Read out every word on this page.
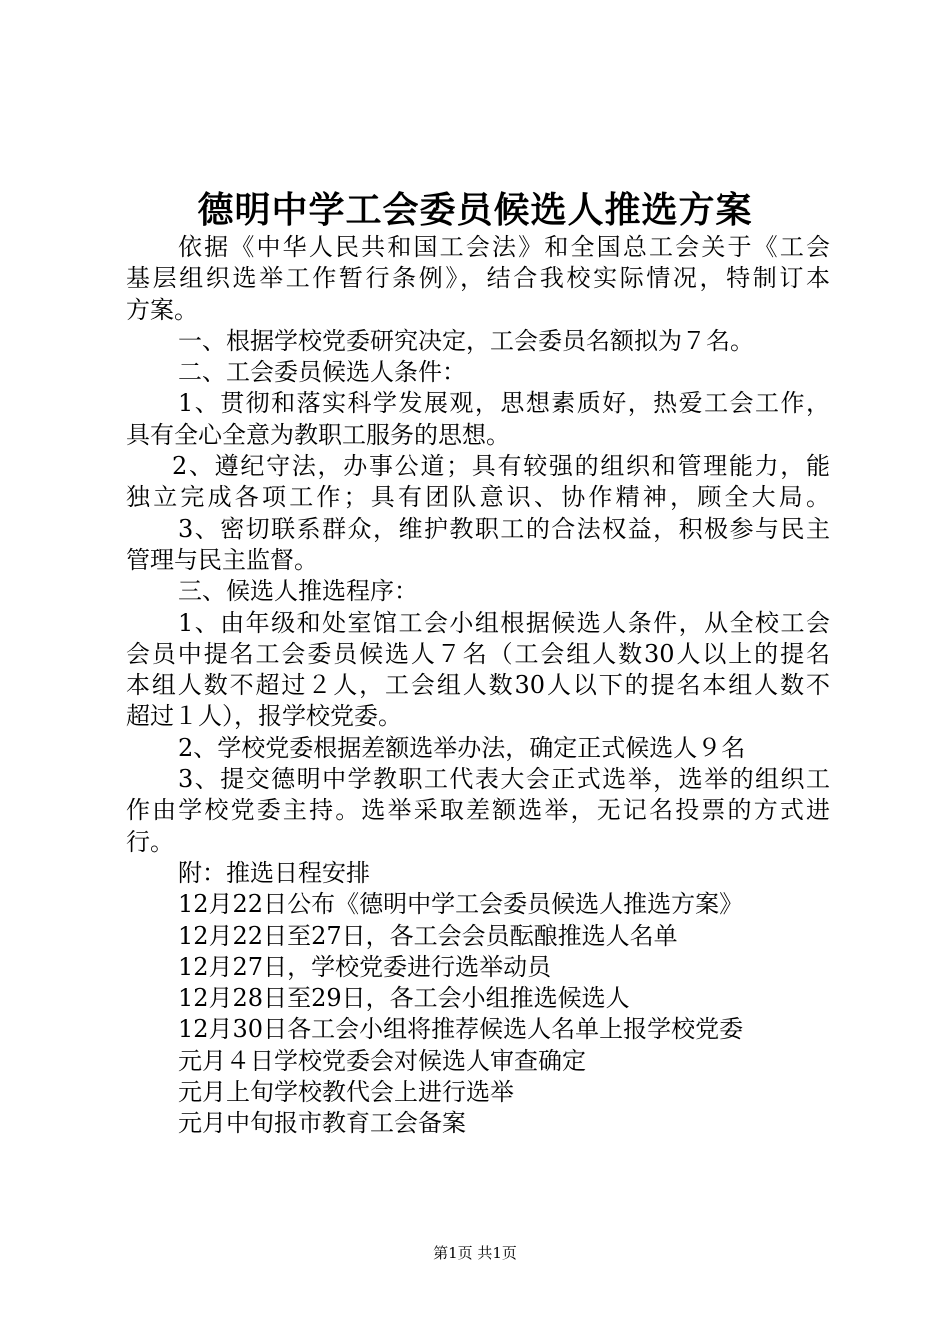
德明中学工会委员候选人推选方案
依据《中华人民共和国工会法》和全国总工会关于《工会
基层组织选举工作暂行条例》，结合我校实际情况，特制订本
方案。
一、根据学校党委研究决定，工会委员名额拟为７名。
二、工会委员候选人条件：
1、贯彻和落实科学发展观，思想素质好，热爱工会工作，
具有全心全意为教职工服务的思想。
2、遵纪守法，办事公道；具有较强的组织和管理能力，能
独立完成各项工作；具有团队意识、协作精神，顾全大局。
3、密切联系群众，维护教职工的合法权益，积极参与民主
管理与民主监督。
三、候选人推选程序：
1、由年级和处室馆工会小组根据候选人条件，从全校工会
会员中提名工会委员候选人７名（工会组人数30人以上的提名
本组人数不超过２人，工会组人数30人以下的提名本组人数不
超过１人），报学校党委。
2、学校党委根据差额选举办法，确定正式候选人９名
3、提交德明中学教职工代表大会正式选举，选举的组织工
作由学校党委主持。选举采取差额选举，无记名投票的方式进
行。
附：推选日程安排
12月22日公布《德明中学工会委员候选人推选方案》
12月22日至27日，各工会会员酝酿推选人名单
12月27日，学校党委进行选举动员
12月28日至29日，各工会小组推选候选人
12月30日各工会小组将推荐候选人名单上报学校党委
元月４日学校党委会对候选人审查确定
元月上旬学校教代会上进行选举
元月中旬报市教育工会备案
第1页 共1页
